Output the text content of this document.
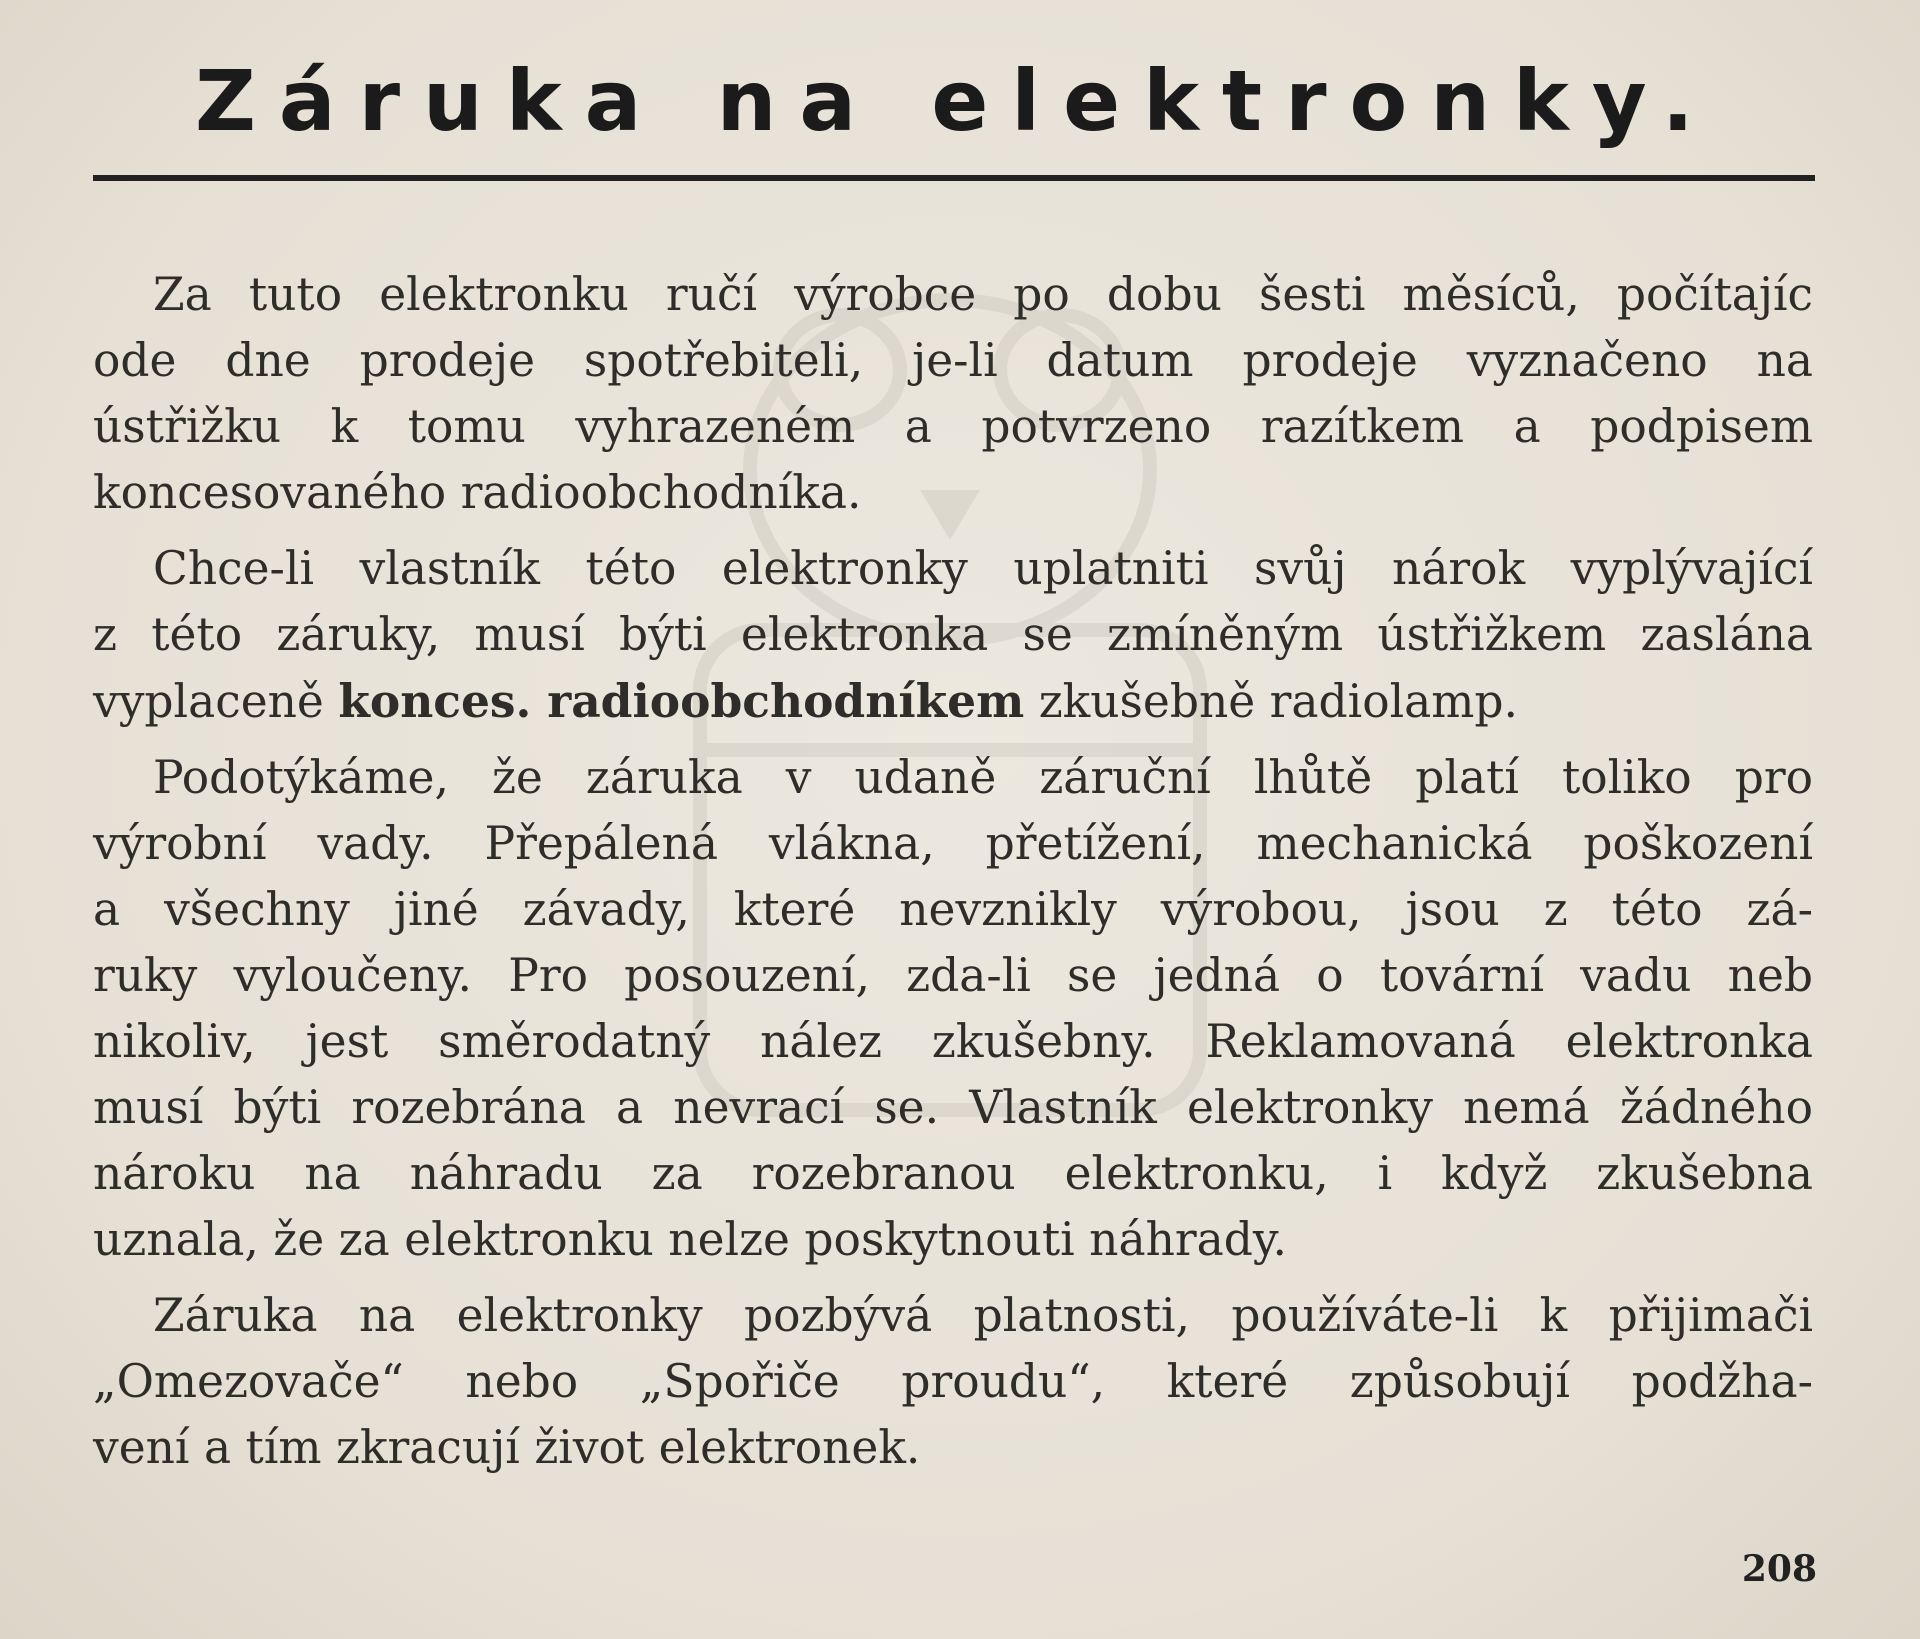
Záruka na elektronky.
Za tuto elektronku ručí výrobce po dobu šesti měsíců, počítajíc
ode dne prodeje spotřebiteli, je-li datum prodeje vyznačeno na
ústřižku k tomu vyhrazeném a potvrzeno razítkem a podpisem
koncesovaného radioobchodníka.
Chce-li vlastník této elektronky uplatniti svůj nárok vyplývající
z této záruky, musí býti elektronka se zmíněným ústřižkem zaslána
vyplaceně konces. radioobchodníkem zkušebně radiolamp.
Podotýkáme, že záruka v udaně záruční lhůtě platí toliko pro
výrobní vady. Přepálená vlákna, přetížení, mechanická poškození
a všechny jiné závady, které nevznikly výrobou, jsou z této zá-
ruky vyloučeny. Pro posouzení, zda-li se jedná o tovární vadu neb
nikoliv, jest směrodatný nález zkušebny. Reklamovaná elektronka
musí býti rozebrána a nevrací se. Vlastník elektronky nemá žádného
nároku na náhradu za rozebranou elektronku, i když zkušebna
uznala, že za elektronku nelze poskytnouti náhrady.
Záruka na elektronky pozbývá platnosti, používáte-li k přijimači
„Omezovače“ nebo „Spořiče proudu“, které způsobují podžha-
vení a tím zkracují život elektronek.
208
